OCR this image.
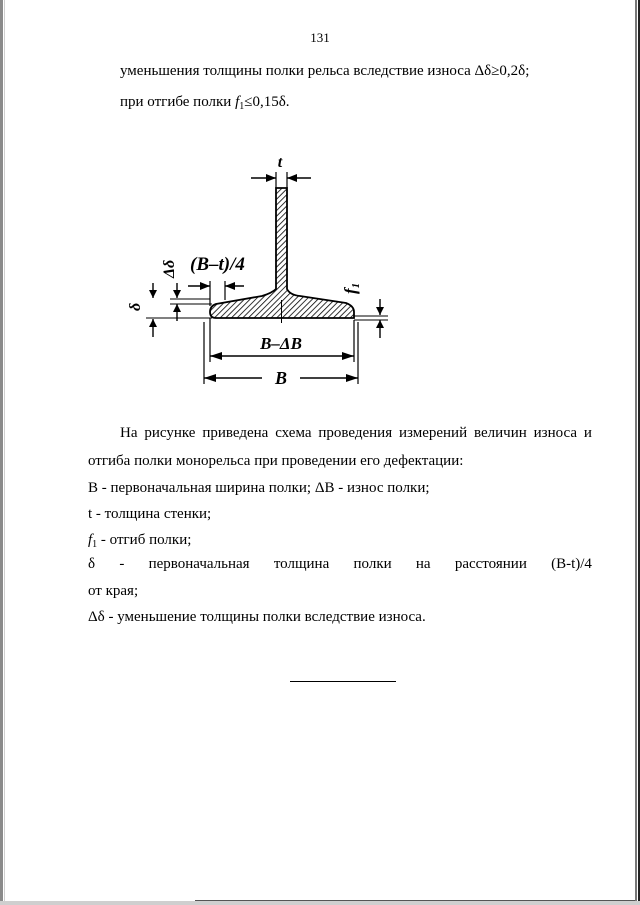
131
уменьшения толщины полки рельса вследствие износа Δδ≥0,2δ;
при отгибе полки $f_1\le 0,15\delta$.
t
(B–t)/4
Δδ
δ
f1
B–ΔB
B
На рисунке приведена схема проведения измерений величин износа и
отгиба полки монорельса при проведении его дефектации:
B - первоначальная ширина полки; ΔB - износ полки;
t - толщина стенки;
$f_1$ - отгиб полки;
δ - первоначальная толщина полки на расстоянии (B-t)/4
от края;
Δδ - уменьшение толщины полки вследствие износа.
